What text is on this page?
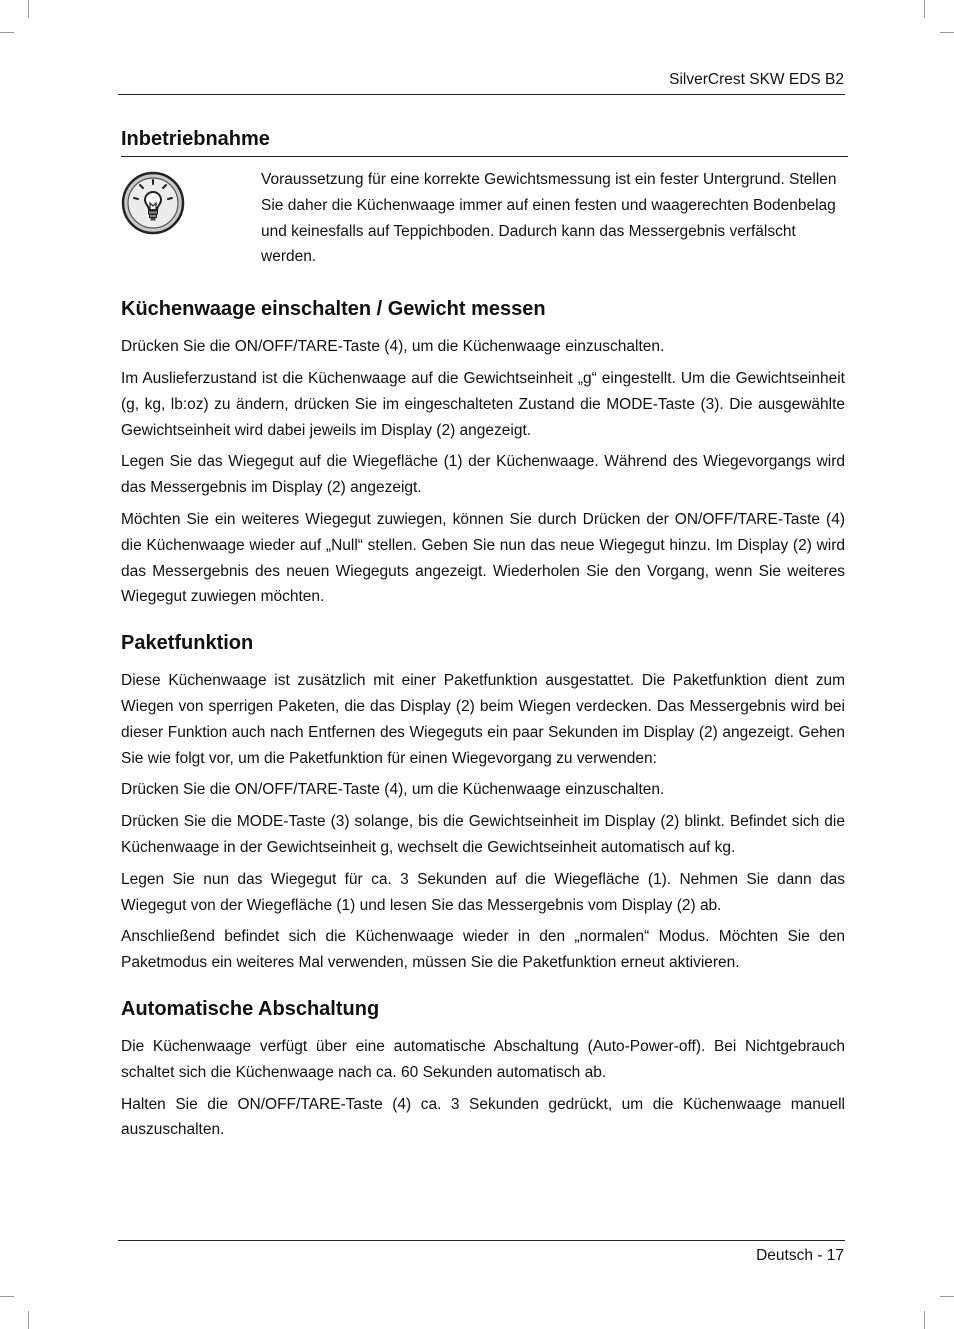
SilverCrest SKW EDS B2
Inbetriebnahme

Voraussetzung für eine korrekte Gewichtsmessung ist ein fester Untergrund. Stellen Sie daher die Küchenwaage immer auf einen festen und waagerechten Bodenbelag und keinesfalls auf Teppichboden. Dadurch kann das Messergebnis verfälscht werden.

Küchenwaage einschalten / Gewicht messen

Drücken Sie die ON/OFF/TARE-Taste (4), um die Küchenwaage einzuschalten.

Im Auslieferzustand ist die Küchenwaage auf die Gewichtseinheit „g“ eingestellt. Um die Gewichtseinheit (g, kg, lb:oz) zu ändern, drücken Sie im eingeschalteten Zustand die MODE-Taste (3). Die ausgewählte Gewichtseinheit wird dabei jeweils im Display (2) angezeigt.

Legen Sie das Wiegegut auf die Wiegefläche (1) der Küchenwaage. Während des Wiegevorgangs wird das Messergebnis im Display (2) angezeigt.

Möchten Sie ein weiteres Wiegegut zuwiegen, können Sie durch Drücken der ON/OFF/TARE-Taste (4) die Küchenwaage wieder auf „Null“ stellen. Geben Sie nun das neue Wiegegut hinzu. Im Display (2) wird das Messergebnis des neuen Wiegeguts angezeigt. Wiederholen Sie den Vorgang, wenn Sie weiteres Wiegegut zuwiegen möchten.

Paketfunktion

Diese Küchenwaage ist zusätzlich mit einer Paketfunktion ausgestattet. Die Paketfunktion dient zum Wiegen von sperrigen Paketen, die das Display (2) beim Wiegen verdecken. Das Messergebnis wird bei dieser Funktion auch nach Entfernen des Wiegeguts ein paar Sekunden im Display (2) angezeigt. Gehen Sie wie folgt vor, um die Paketfunktion für einen Wiegevorgang zu verwenden:

Drücken Sie die ON/OFF/TARE-Taste (4), um die Küchenwaage einzuschalten.

Drücken Sie die MODE-Taste (3) solange, bis die Gewichtseinheit im Display (2) blinkt. Befindet sich die Küchenwaage in der Gewichtseinheit g, wechselt die Gewichtseinheit automatisch auf kg.

Legen Sie nun das Wiegegut für ca. 3 Sekunden auf die Wiegefläche (1). Nehmen Sie dann das Wiegegut von der Wiegefläche (1) und lesen Sie das Messergebnis vom Display (2) ab.

Anschließend befindet sich die Küchenwaage wieder in den „normalen“ Modus. Möchten Sie den Paketmodus ein weiteres Mal verwenden, müssen Sie die Paketfunktion erneut aktivieren.

Automatische Abschaltung

Die Küchenwaage verfügt über eine automatische Abschaltung (Auto-Power-off). Bei Nichtgebrauch schaltet sich die Küchenwaage nach ca. 60 Sekunden automatisch ab.

Halten Sie die ON/OFF/TARE-Taste (4) ca. 3 Sekunden gedrückt, um die Küchenwaage manuell auszuschalten.

Deutsch - 17
